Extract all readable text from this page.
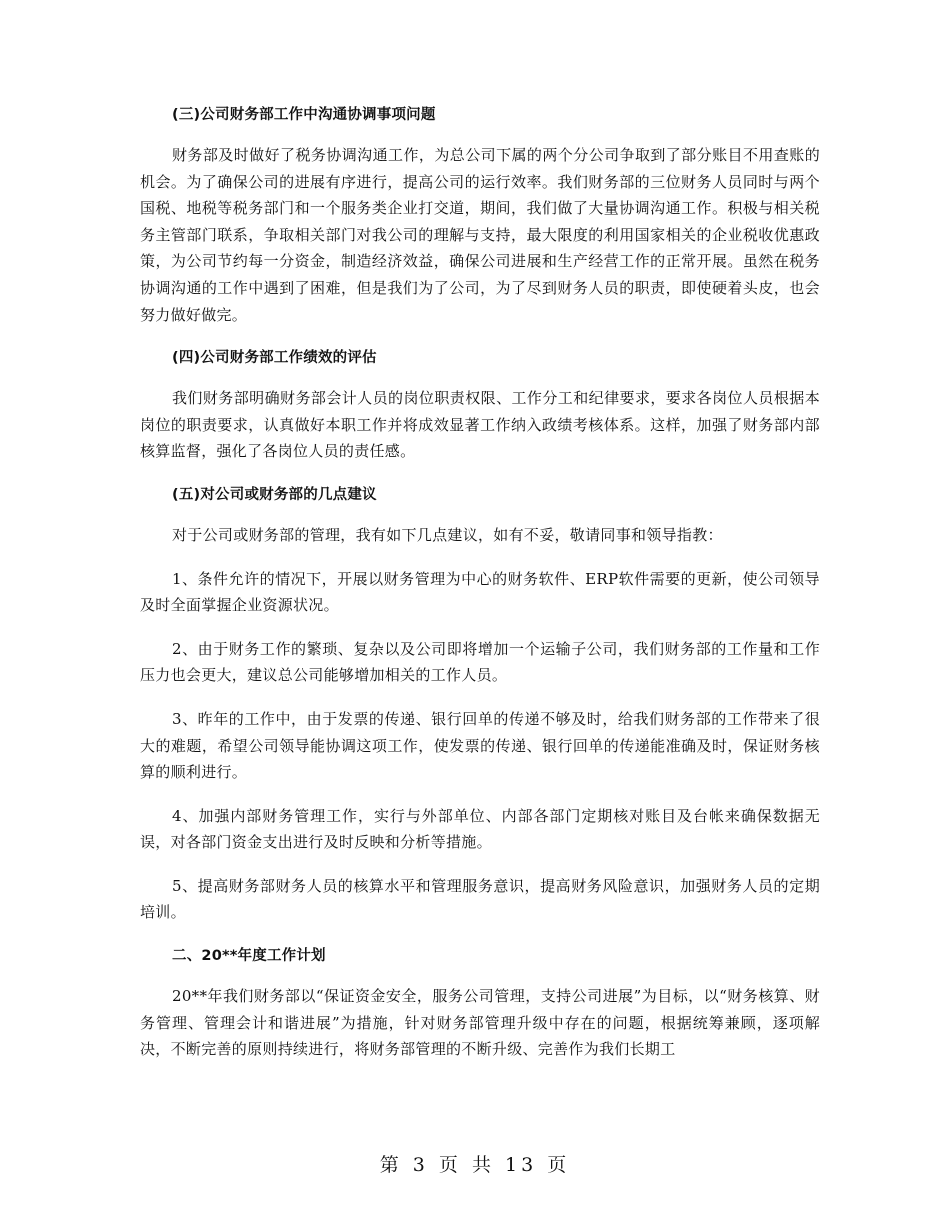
(三)公司财务部工作中沟通协调事项问题

财务部及时做好了税务协调沟通工作，为总公司下属的两个分公司争取到了部分账目不用查账的机会。为了确保公司的进展有序进行，提高公司的运行效率。我们财务部的三位财务人员同时与两个国税、地税等税务部门和一个服务类企业打交道，期间，我们做了大量协调沟通工作。积极与相关税务主管部门联系，争取相关部门对我公司的理解与支持，最大限度的利用国家相关的企业税收优惠政策，为公司节约每一分资金，制造经济效益，确保公司进展和生产经营工作的正常开展。虽然在税务协调沟通的工作中遇到了困难，但是我们为了公司，为了尽到财务人员的职责，即使硬着头皮，也会努力做好做完。

(四)公司财务部工作绩效的评估

我们财务部明确财务部会计人员的岗位职责权限、工作分工和纪律要求，要求各岗位人员根据本岗位的职责要求，认真做好本职工作并将成效显著工作纳入政绩考核体系。这样，加强了财务部内部核算监督，强化了各岗位人员的责任感。

(五)对公司或财务部的几点建议

对于公司或财务部的管理，我有如下几点建议，如有不妥，敬请同事和领导指教：

1、条件允许的情况下，开展以财务管理为中心的财务软件、ERP软件需要的更新，使公司领导及时全面掌握企业资源状况。

2、由于财务工作的繁琐、复杂以及公司即将增加一个运输子公司，我们财务部的工作量和工作压力也会更大，建议总公司能够增加相关的工作人员。

3、昨年的工作中，由于发票的传递、银行回单的传递不够及时，给我们财务部的工作带来了很大的难题，希望公司领导能协调这项工作，使发票的传递、银行回单的传递能准确及时，保证财务核算的顺利进行。

4、加强内部财务管理工作，实行与外部单位、内部各部门定期核对账目及台帐来确保数据无误，对各部门资金支出进行及时反映和分析等措施。

5、提高财务部财务人员的核算水平和管理服务意识，提高财务风险意识，加强财务人员的定期培训。

二、20**年度工作计划

20**年我们财务部以“保证资金安全，服务公司管理，支持公司进展”为目标，以“财务核算、财务管理、管理会计和谐进展”为措施，针对财务部管理升级中存在的问题，根据统筹兼顾，逐项解决，不断完善的原则持续进行，将财务部管理的不断升级、完善作为我们长期工

第 3 页 共 13 页
